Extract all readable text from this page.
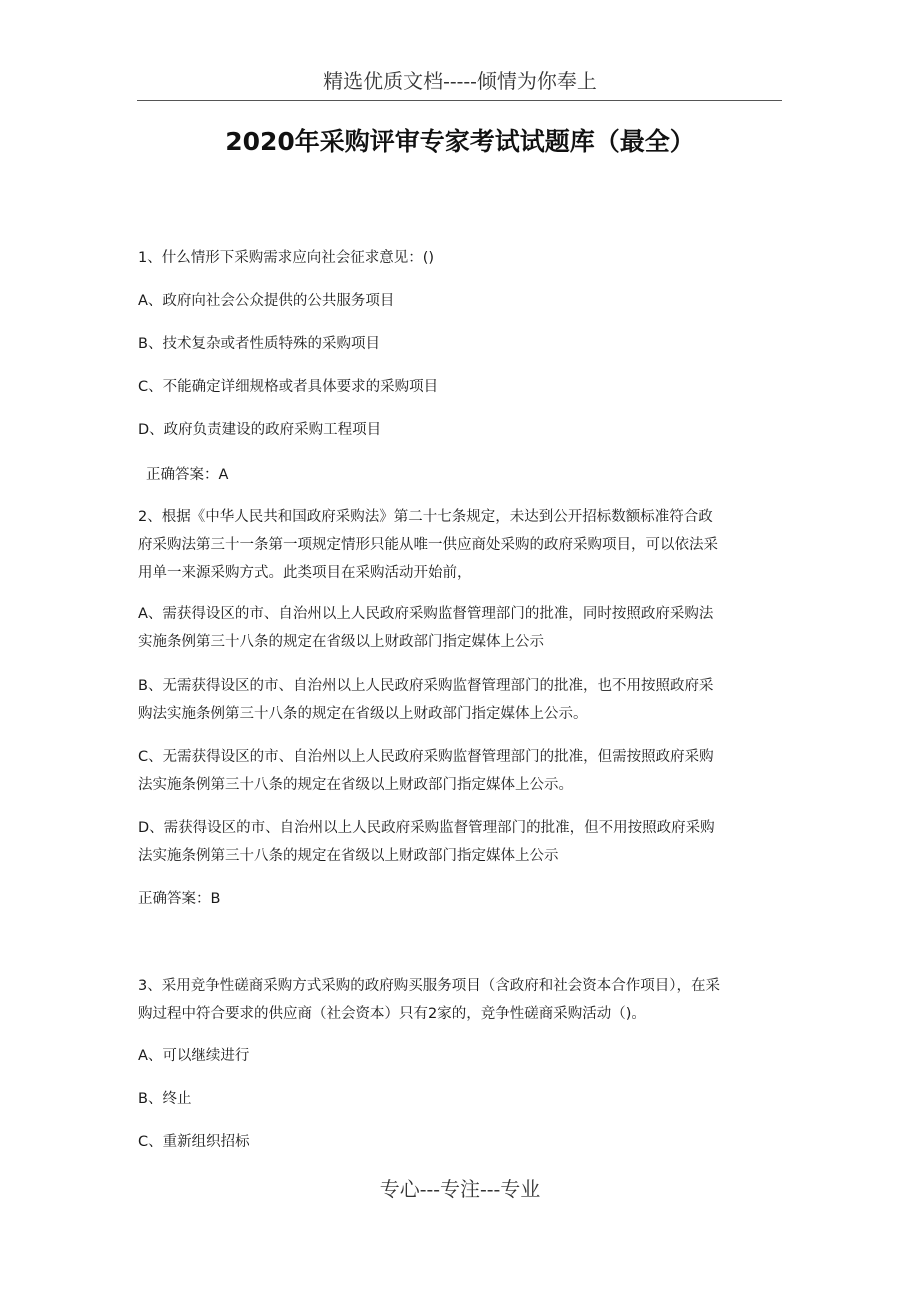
精选优质文档-----倾情为你奉上
2020年采购评审专家考试试题库（最全）
1、什么情形下采购需求应向社会征求意见：()
A、政府向社会公众提供的公共服务项目
B、技术复杂或者性质特殊的采购项目
C、不能确定详细规格或者具体要求的采购项目
D、政府负责建设的政府采购工程项目
正确答案：A
2、根据《中华人民共和国政府采购法》第二十七条规定，未达到公开招标数额标准符合政
府采购法第三十一条第一项规定情形只能从唯一供应商处采购的政府采购项目，可以依法采
用单一来源采购方式。此类项目在采购活动开始前，
A、需获得设区的市、自治州以上人民政府采购监督管理部门的批准，同时按照政府采购法
实施条例第三十八条的规定在省级以上财政部门指定媒体上公示
B、无需获得设区的市、自治州以上人民政府采购监督管理部门的批准，也不用按照政府采
购法实施条例第三十八条的规定在省级以上财政部门指定媒体上公示。
C、无需获得设区的市、自治州以上人民政府采购监督管理部门的批准，但需按照政府采购
法实施条例第三十八条的规定在省级以上财政部门指定媒体上公示。
D、需获得设区的市、自治州以上人民政府采购监督管理部门的批准，但不用按照政府采购
法实施条例第三十八条的规定在省级以上财政部门指定媒体上公示
正确答案：B
3、采用竞争性磋商采购方式采购的政府购买服务项目（含政府和社会资本合作项目），在采
购过程中符合要求的供应商（社会资本）只有2家的，竞争性磋商采购活动（)。
A、可以继续进行
B、终止
C、重新组织招标
专心---专注---专业
